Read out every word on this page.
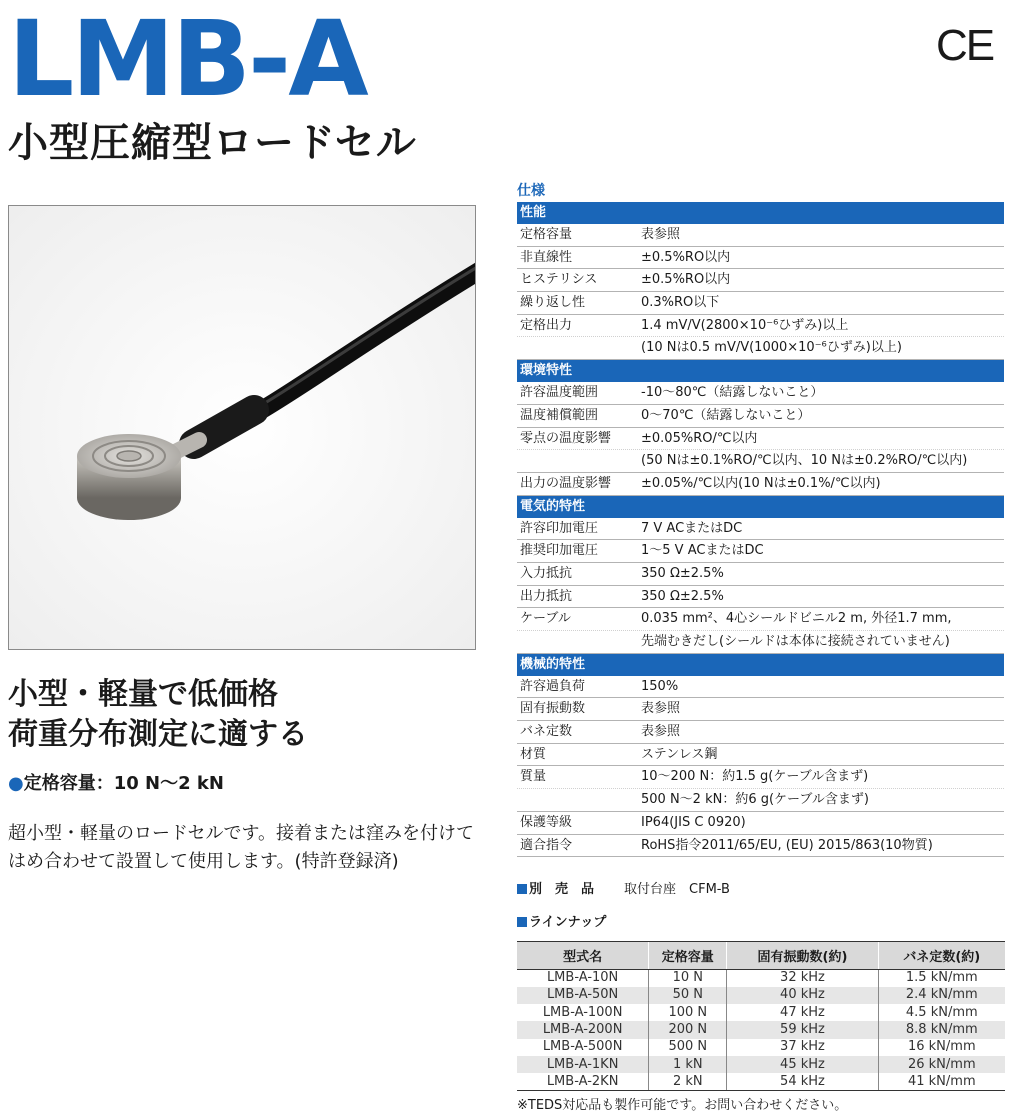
LMB-A	CE
小型圧縮型ロードセル
小型・軽量で低価格
荷重分布測定に適する
●定格容量：10 N～2 kN
超小型・軽量のロードセルです。接着または窪みを付けてはめ合わせて設置して使用します。(特許登録済)
仕様
性能
定格容量	表参照
非直線性	±0.5%RO以内
ヒステリシス	±0.5%RO以内
繰り返し性	0.3%RO以下
定格出力	1.4 mV/V(2800×10⁻⁶ひずみ)以上
(10 Nは0.5 mV/V(1000×10⁻⁶ひずみ)以上)
環境特性
許容温度範囲	-10～80℃（結露しないこと）
温度補償範囲	0～70℃（結露しないこと）
零点の温度影響	±0.05%RO/℃以内
(50 Nは±0.1%RO/℃以内、10 Nは±0.2%RO/℃以内)
出力の温度影響	±0.05%/℃以内(10 Nは±0.1%/℃以内)
電気的特性
許容印加電圧	7 V ACまたはDC
推奨印加電圧	1～5 V ACまたはDC
入力抵抗	350 Ω±2.5%
出力抵抗	350 Ω±2.5%
ケーブル	0.035 mm²、4心シールドビニル2 m, 外径1.7 mm,
先端むきだし(シールドは本体に接続されていません)
機械的特性
許容過負荷	150%
固有振動数	表参照
バネ定数	表参照
材質	ステンレス鋼
質量	10～200 N：約1.5 g(ケーブル含まず)
500 N～2 kN：約6 g(ケーブル含まず)
保護等級	IP64(JIS C 0920)
適合指令	RoHS指令2011/65/EU, (EU) 2015/863(10物質)
別　売　品 取付台座　CFM-B
ラインナップ
型式名	定格容量	固有振動数(約)	バネ定数(約)
LMB-A-10N	10 N	32 kHz	1.5 kN/mm
LMB-A-50N	50 N	40 kHz	2.4 kN/mm
LMB-A-100N	100 N	47 kHz	4.5 kN/mm
LMB-A-200N	200 N	59 kHz	8.8 kN/mm
LMB-A-500N	500 N	37 kHz	16 kN/mm
LMB-A-1KN	1 kN	45 kHz	26 kN/mm
LMB-A-2KN	2 kN	54 kHz	41 kN/mm
※TEDS対応品も製作可能です。お問い合わせください。
